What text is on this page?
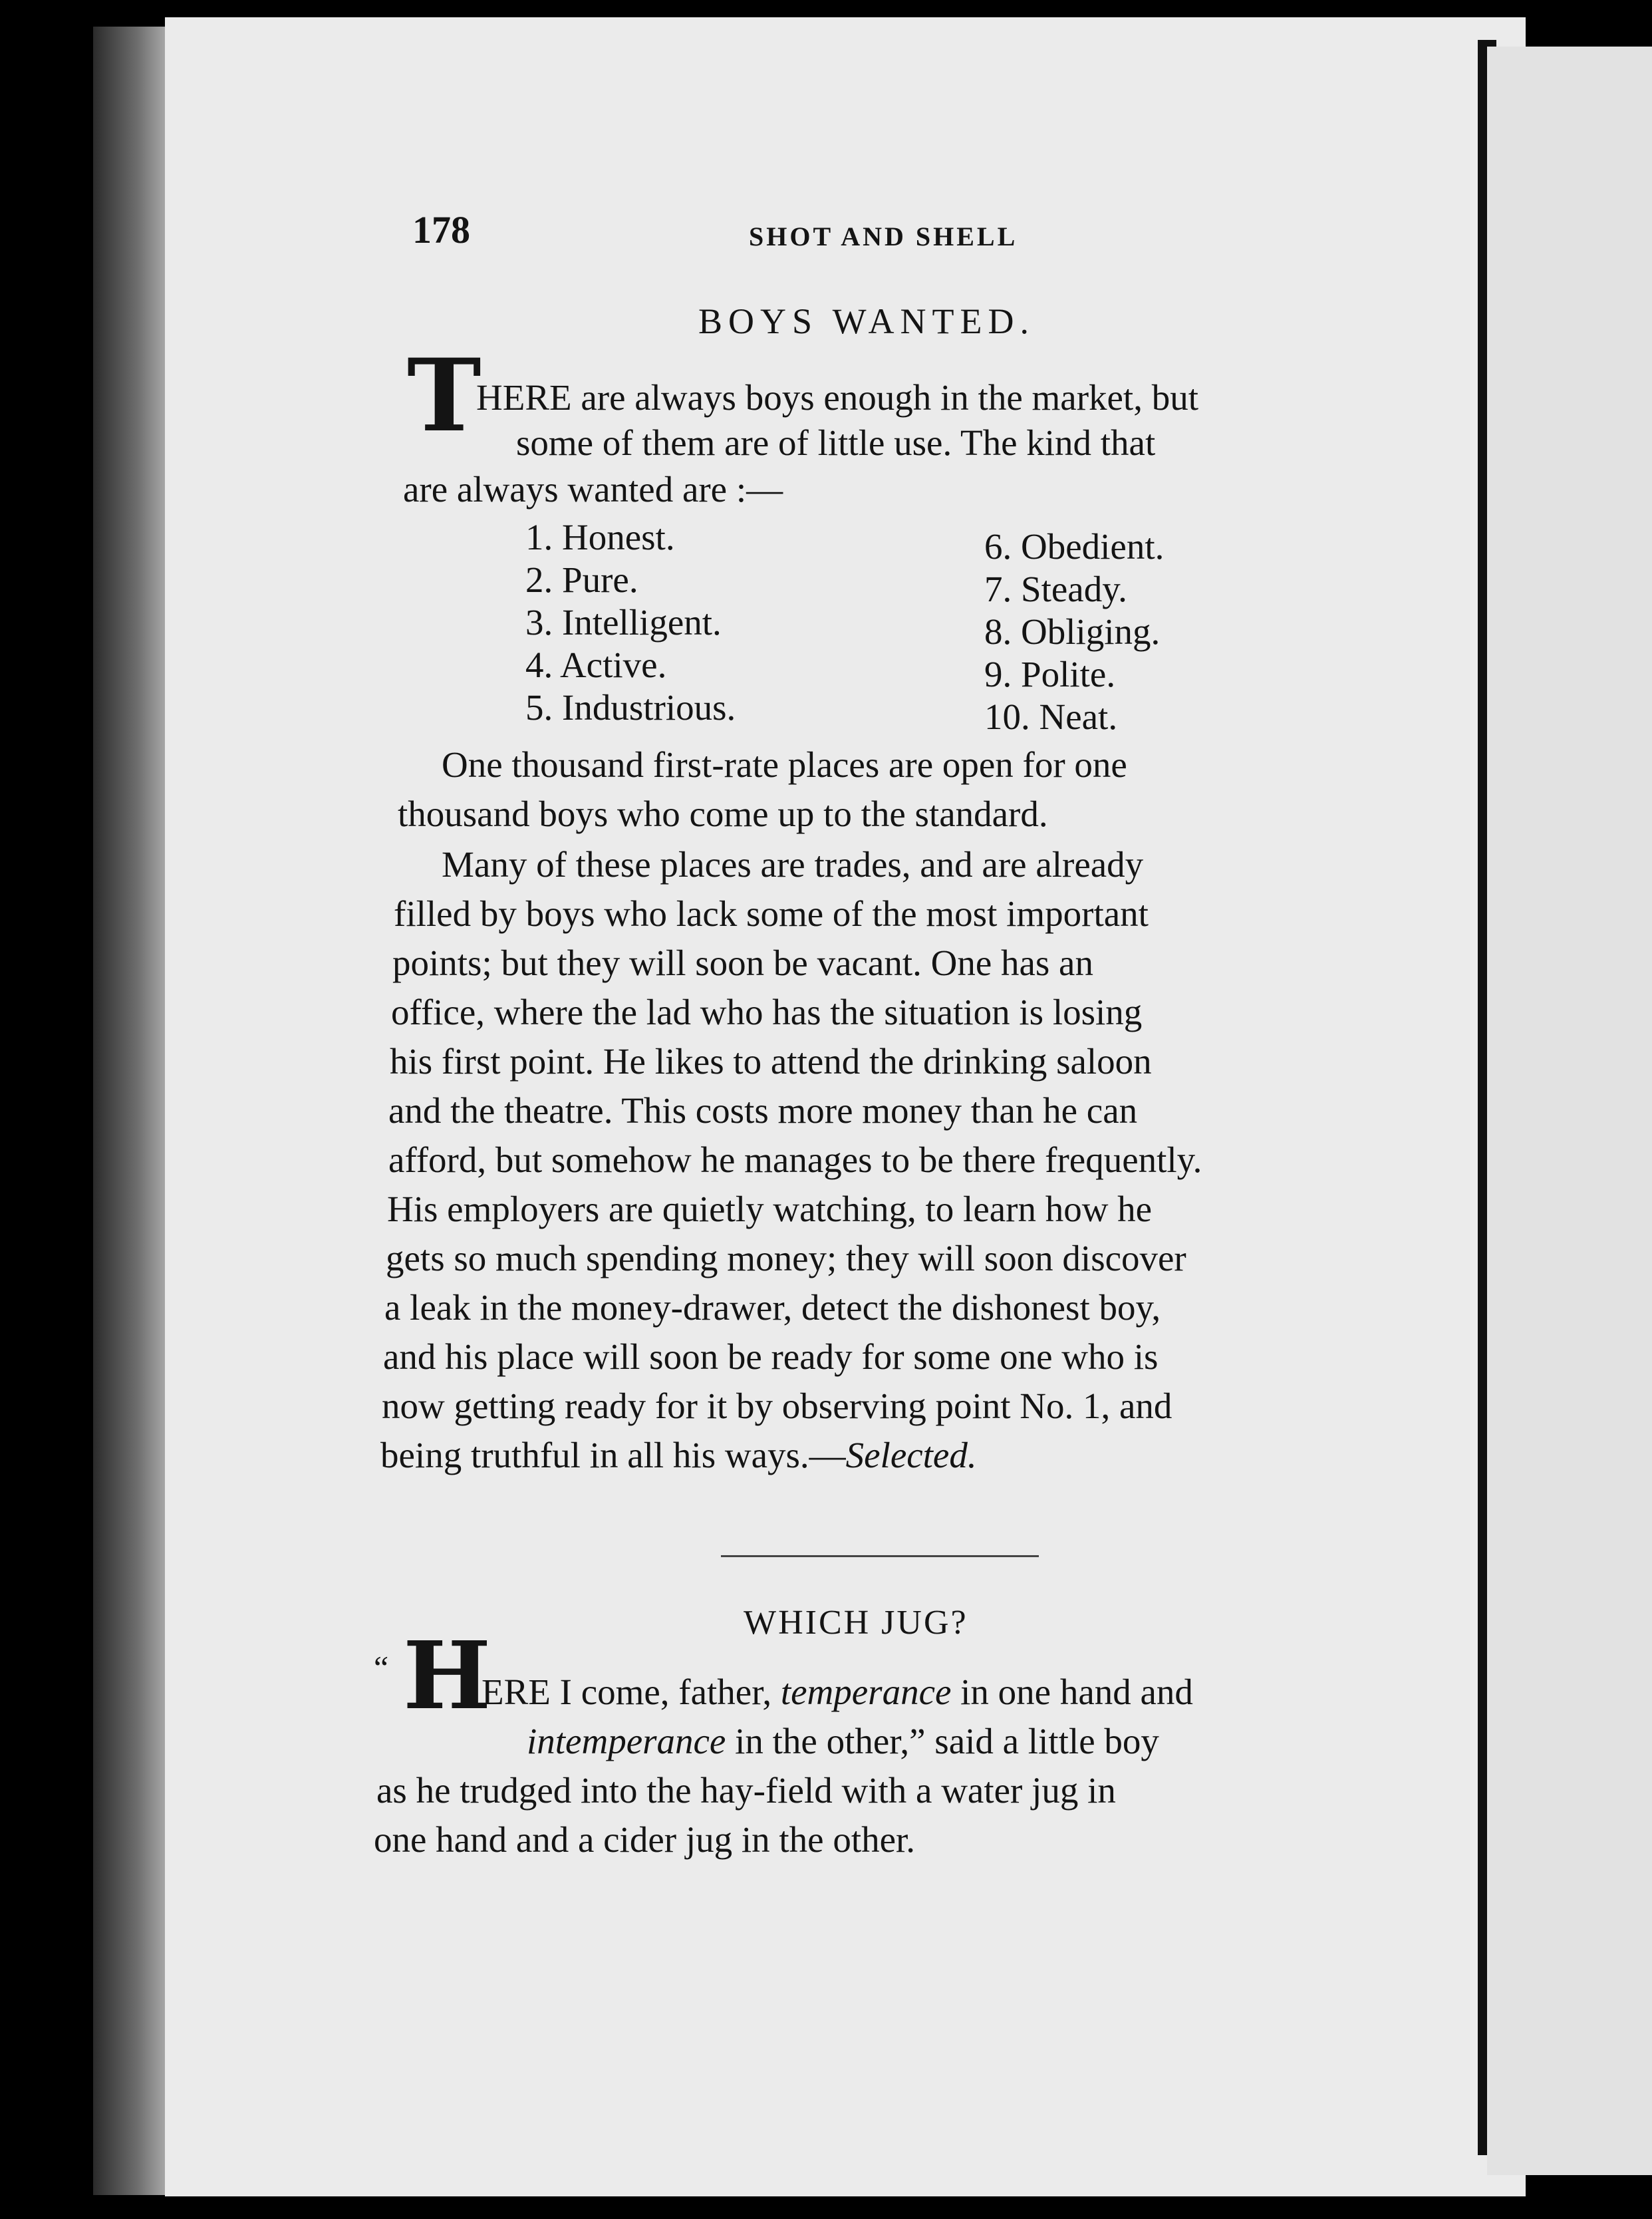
178	SHOT AND SHELL
BOYS WANTED.
T
HERE are always boys enough in the market, but
some of them are of little use. The kind that
are always wanted are :—
1. Honest.
2. Pure.
3. Intelligent.
4. Active.
5. Industrious.
6. Obedient.
7. Steady.
8. Obliging.
9. Polite.
10. Neat.
One thousand first-rate places are open for one
thousand boys who come up to the standard.
Many of these places are trades, and are already
filled by boys who lack some of the most important
points; but they will soon be vacant. One has an
office, where the lad who has the situation is losing
his first point. He likes to attend the drinking saloon
and the theatre. This costs more money than he can
afford, but somehow he manages to be there frequently.
His employers are quietly watching, to learn how he
gets so much spending money; they will soon discover
a leak in the money-drawer, detect the dishonest boy,
and his place will soon be ready for some one who is
now getting ready for it by observing point No. 1, and
being truthful in all his ways.—Selected.
WHICH JUG?
“ H
ERE I come, father, temperance in one hand and
intemperance in the other,” said a little boy
as he trudged into the hay-field with a water jug in
one hand and a cider jug in the other.
